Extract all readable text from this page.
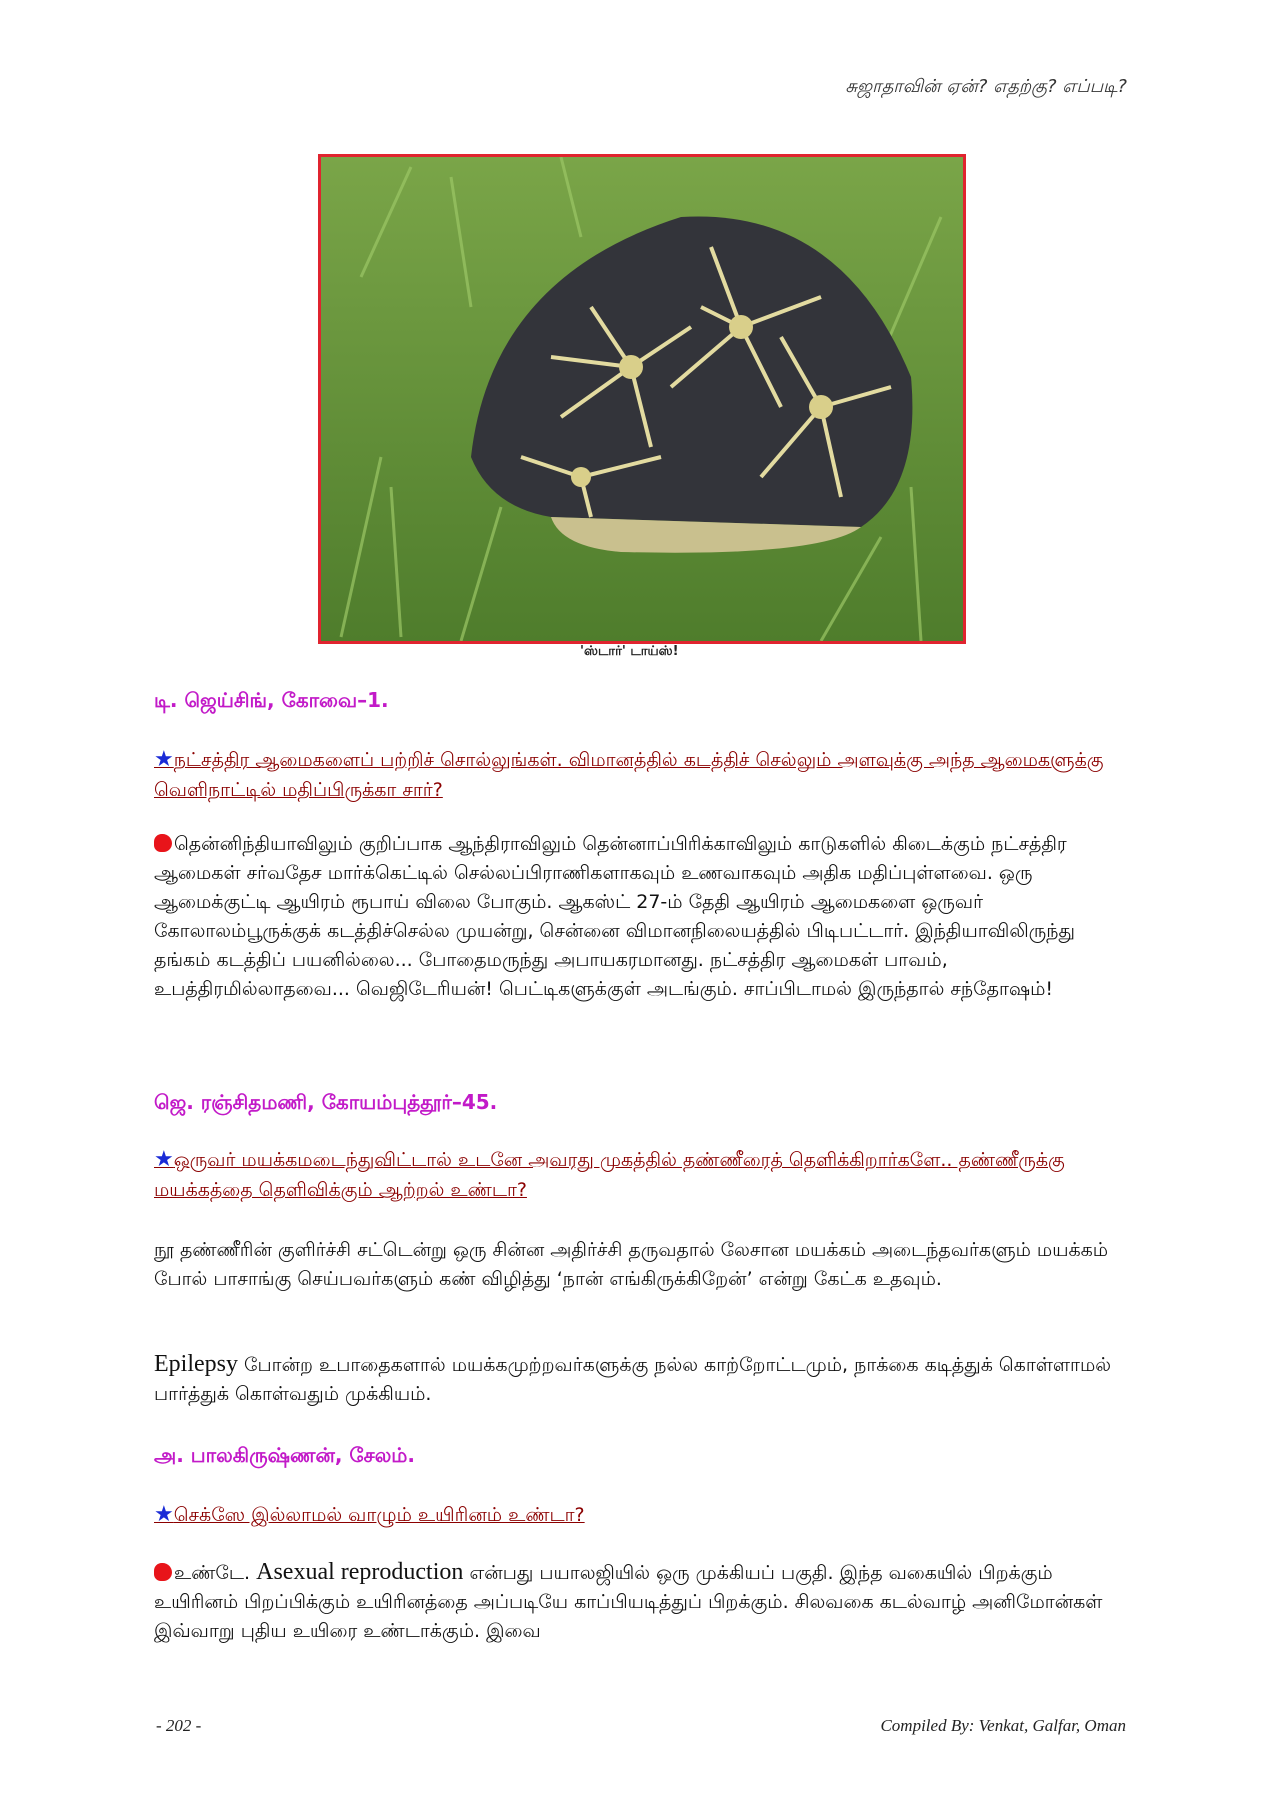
சுஜாதாவின் ஏன்? எதற்கு? எப்படி?
'ஸ்டார்' டாய்ஸ்!
டி. ஜெய்சிங், கோவை–1.
★நட்சத்திர ஆமைகளைப் பற்றிச் சொல்லுங்கள். விமானத்தில் கடத்திச் செல்லும் அளவுக்கு அந்த ஆமைகளுக்கு வெளிநாட்டில் மதிப்பிருக்கா சார்?
தென்னிந்தியாவிலும் குறிப்பாக ஆந்திராவிலும் தென்னாப்பிரிக்காவிலும் காடுகளில் கிடைக்கும் நட்சத்திர ஆமைகள் சர்வதேச மார்க்கெட்டில் செல்லப்பிராணிகளாகவும் உணவாகவும் அதிக மதிப்புள்ளவை. ஒரு ஆமைக்குட்டி ஆயிரம் ரூபாய் விலை போகும். ஆகஸ்ட் 27-ம் தேதி ஆயிரம் ஆமைகளை ஒருவர் கோலாலம்பூருக்குக் கடத்திச்செல்ல முயன்று, சென்னை விமானநிலையத்தில் பிடிபட்டார். இந்தியாவிலிருந்து தங்கம் கடத்திப் பயனில்லை... போதைமருந்து அபாயகரமானது. நட்சத்திர ஆமைகள் பாவம், உபத்திரமில்லாதவை... வெஜிடேரியன்! பெட்டிகளுக்குள் அடங்கும். சாப்பிடாமல் இருந்தால் சந்தோஷம்!
ஜெ. ரஞ்சிதமணி, கோயம்புத்தூர்–45.
★ஒருவர் மயக்கமடைந்துவிட்டால் உடனே அவரது முகத்தில் தண்ணீரைத் தெளிக்கிறார்களே.. தண்ணீருக்கு மயக்கத்தை தெளிவிக்கும் ஆற்றல் உண்டா?
நூ தண்ணீரின் குளிர்ச்சி சட்டென்று ஒரு சின்ன அதிர்ச்சி தருவதால் லேசான மயக்கம் அடைந்தவர்களும் மயக்கம் போல் பாசாங்கு செய்பவர்களும் கண் விழித்து ‘நான் எங்கிருக்கிறேன்’ என்று கேட்க உதவும்.
Epilepsy போன்ற உபாதைகளால் மயக்கமுற்றவர்களுக்கு நல்ல காற்றோட்டமும், நாக்கை கடித்துக் கொள்ளாமல் பார்த்துக் கொள்வதும் முக்கியம்.
அ. பாலகிருஷ்ணன், சேலம்.
★செக்ஸே இல்லாமல் வாழும் உயிரினம் உண்டா?
உண்டே. Asexual reproduction என்பது பயாலஜியில் ஒரு முக்கியப் பகுதி. இந்த வகையில் பிறக்கும் உயிரினம் பிறப்பிக்கும் உயிரினத்தை அப்படியே காப்பியடித்துப் பிறக்கும். சிலவகை கடல்வாழ் அனிமோன்கள் இவ்வாறு புதிய உயிரை உண்டாக்கும். இவை
- 202 -	Compiled By: Venkat, Galfar, Oman
